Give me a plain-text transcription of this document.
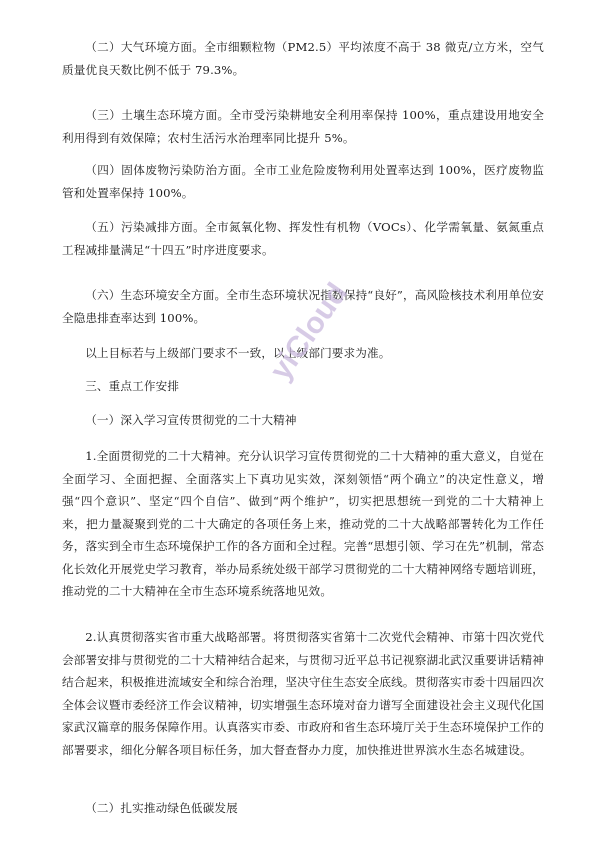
（二）大气环境方面。全市细颗粒物（PM2.5）平均浓度不高于 38 微克/立方米，空气质量优良天数比例不低于 79.3%。

（三）土壤生态环境方面。全市受污染耕地安全利用率保持 100%，重点建设用地安全利用得到有效保障；农村生活污水治理率同比提升 5%。

（四）固体废物污染防治方面。全市工业危险废物利用处置率达到 100%，医疗废物监管和处置率保持 100%。

（五）污染减排方面。全市氮氧化物、挥发性有机物（VOCs）、化学需氧量、氨氮重点工程减排量满足“十四五”时序进度要求。

（六）生态环境安全方面。全市生态环境状况指数保持“良好”，高风险核技术利用单位安全隐患排查率达到 100%。

以上目标若与上级部门要求不一致，以上级部门要求为准。

三、重点工作安排

（一）深入学习宣传贯彻党的二十大精神

1.全面贯彻党的二十大精神。充分认识学习宣传贯彻党的二十大精神的重大意义，自觉在全面学习、全面把握、全面落实上下真功见实效，深刻领悟“两个确立”的决定性意义，增强“四个意识”、坚定“四个自信”、做到“两个维护”，切实把思想统一到党的二十大精神上来，把力量凝聚到党的二十大确定的各项任务上来，推动党的二十大战略部署转化为工作任务，落实到全市生态环境保护工作的各方面和全过程。完善“思想引领、学习在先”机制，常态化长效化开展党史学习教育，举办局系统处级干部学习贯彻党的二十大精神网络专题培训班，推动党的二十大精神在全市生态环境系统落地见效。

2.认真贯彻落实省市重大战略部署。将贯彻落实省第十二次党代会精神、市第十四次党代会部署安排与贯彻党的二十大精神结合起来，与贯彻习近平总书记视察湖北武汉重要讲话精神结合起来，积极推进流域安全和综合治理，坚决守住生态安全底线。贯彻落实市委十四届四次全体会议暨市委经济工作会议精神，切实增强生态环境对奋力谱写全面建设社会主义现代化国家武汉篇章的服务保障作用。认真落实市委、市政府和省生态环境厅关于生态环境保护工作的部署要求，细化分解各项目标任务，加大督查督办力度，加快推进世界滨水生态名城建设。

（二）扎实推动绿色低碳发展

yiCloud
